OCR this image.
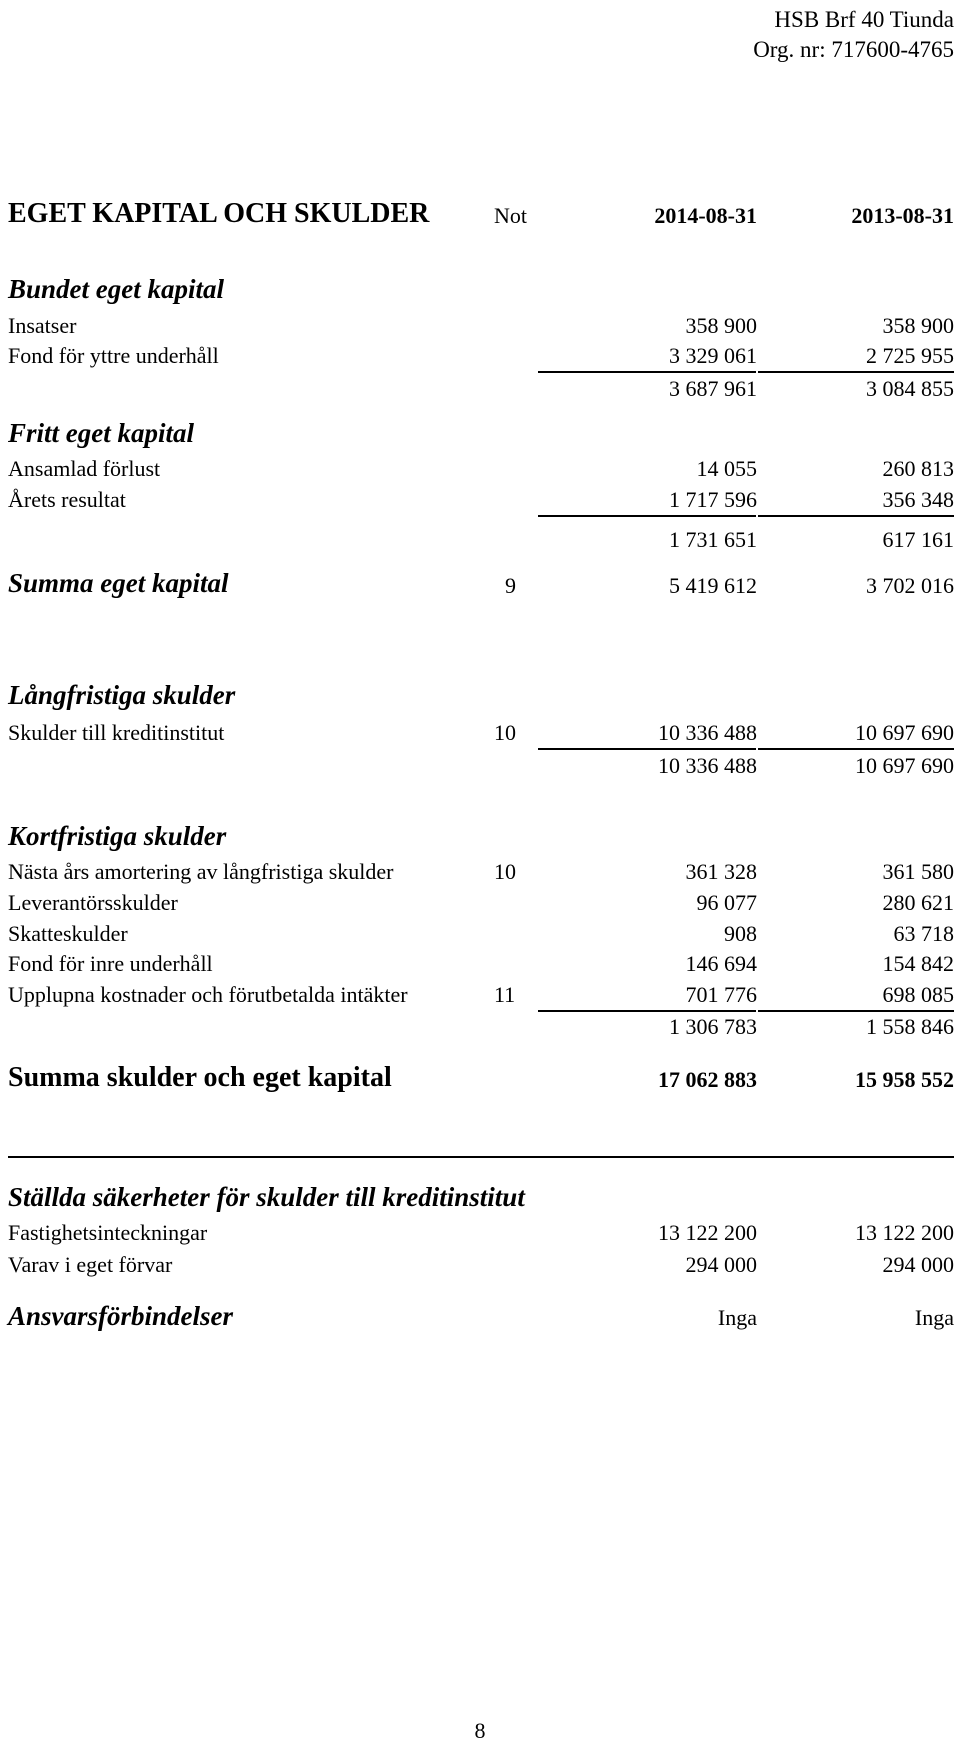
HSB Brf 40 Tiunda
Org. nr: 717600-4765
EGET KAPITAL OCH SKULDER	Not	2014-08-31	2013-08-31
Bundet eget kapital
Insatser	358 900	358 900
Fond för yttre underhåll	3 329 061	2 725 955
3 687 961	3 084 855
Fritt eget kapital
Ansamlad förlust	14 055	260 813
Årets resultat	1 717 596	356 348
1 731 651	617 161
Summa eget kapital	9	5 419 612	3 702 016
Långfristiga skulder
Skulder till kreditinstitut	10	10 336 488	10 697 690
10 336 488	10 697 690
Kortfristiga skulder
Nästa års amortering av långfristiga skulder	10	361 328	361 580
Leverantörsskulder	96 077	280 621
Skatteskulder	908	63 718
Fond för inre underhåll	146 694	154 842
Upplupna kostnader och förutbetalda intäkter	11	701 776	698 085
1 306 783	1 558 846
Summa skulder och eget kapital	17 062 883	15 958 552
Ställda säkerheter för skulder till kreditinstitut
Fastighetsinteckningar	13 122 200	13 122 200
Varav i eget förvar	294 000	294 000
Ansvarsförbindelser	Inga	Inga
8
